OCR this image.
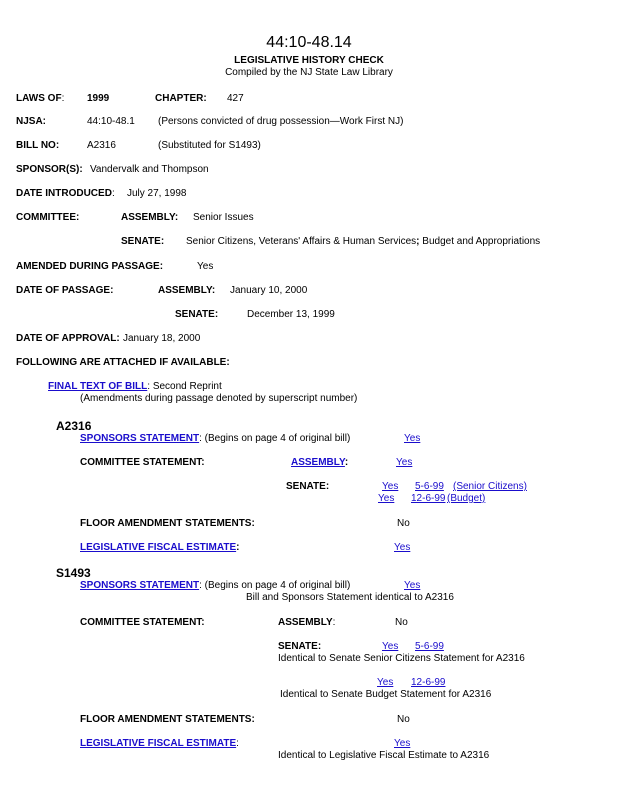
44:10-48.14
LEGISLATIVE HISTORY CHECK
Compiled by the NJ State Law Library
LAWS OF: 1999	CHAPTER: 427
NJSA:	44:10-48.1 (Persons convicted of drug possession—Work First NJ)
BILL NO:	A2316	(Substituted for S1493)
SPONSOR(S): Vandervalk and Thompson
DATE INTRODUCED: July 27, 1998
COMMITTEE:	ASSEMBLY: Senior Issues
SENATE: Senior Citizens, Veterans' Affairs & Human Services; Budget and Appropriations
AMENDED DURING PASSAGE:	Yes
DATE OF PASSAGE:	ASSEMBLY: January 10, 2000
SENATE:	December 13, 1999
DATE OF APPROVAL: January 18, 2000
FOLLOWING ARE ATTACHED IF AVAILABLE:
FINAL TEXT OF BILL: Second Reprint
(Amendments during passage denoted by superscript number)
A2316
SPONSORS STATEMENT: (Begins on page 4 of original bill)	Yes
COMMITTEE STATEMENT:	ASSEMBLY:	Yes
SENATE:	Yes 5-6-99 (Senior Citizens)
Yes 12-6-99 (Budget)
FLOOR AMENDMENT STATEMENTS:	No
LEGISLATIVE FISCAL ESTIMATE:	Yes
S1493
SPONSORS STATEMENT: (Begins on page 4 of original bill)	Yes
Bill and Sponsors Statement identical to A2316
COMMITTEE STATEMENT:	ASSEMBLY:	No
SENATE:	Yes 5-6-99
Identical to Senate Senior Citizens Statement for A2316
Yes 12-6-99
Identical to Senate Budget Statement for A2316
FLOOR AMENDMENT STATEMENTS:	No
LEGISLATIVE FISCAL ESTIMATE:	Yes
Identical to Legislative Fiscal Estimate to A2316
